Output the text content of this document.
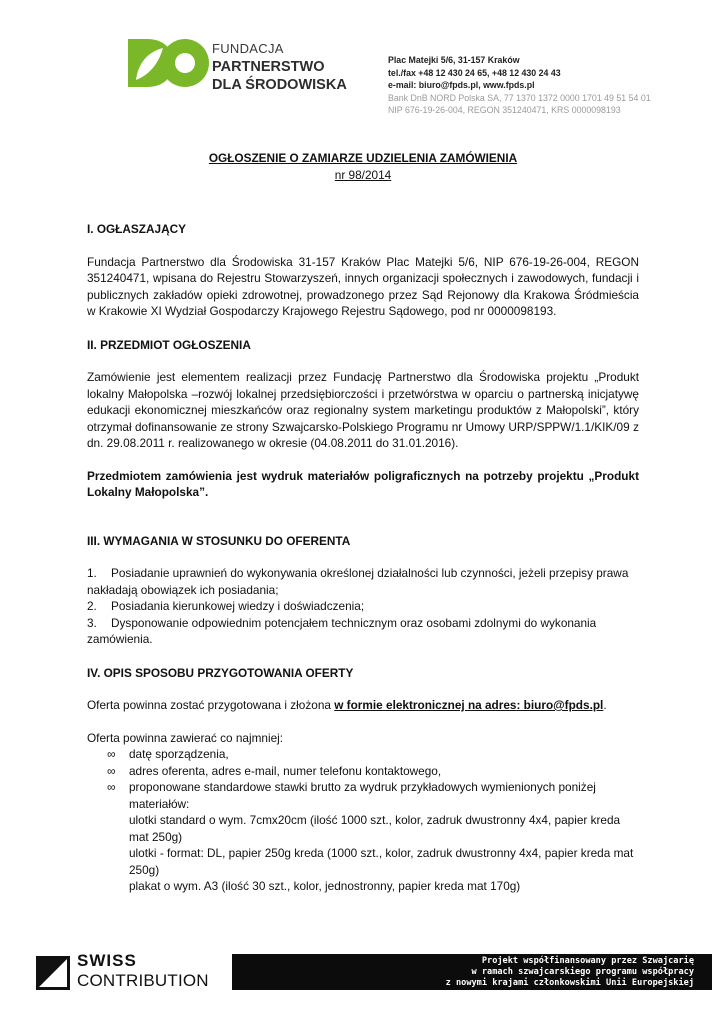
FUNDACJA
PARTNERSTWO
DLA ŚRODOWISKA
Plac Matejki 5/6, 31-157 Kraków
tel./fax +48 12 430 24 65, +48 12 430 24 43
e-mail: biuro@fpds.pl, www.fpds.pl
Bank DnB NORD Polska SA, 77 1370 1372 0000 1701 49 51 54 01
NIP 676-19-26-004, REGON 351240471, KRS 0000098193
OGŁOSZENIE O ZAMIARZE UDZIELENIA ZAMÓWIENIA
nr 98/2014
I. OGŁASZAJĄCY
Fundacja Partnerstwo dla Środowiska 31-157 Kraków Plac Matejki 5/6, NIP 676-19-26-004, REGON 351240471, wpisana do Rejestru Stowarzyszeń, innych organizacji społecznych i zawodowych, fundacji i publicznych zakładów opieki zdrowotnej, prowadzonego przez Sąd Rejonowy dla Krakowa Śródmieścia w Krakowie XI Wydział Gospodarczy Krajowego Rejestru Sądowego, pod nr 0000098193.
II. PRZEDMIOT OGŁOSZENIA
Zamówienie jest elementem realizacji przez Fundację Partnerstwo dla Środowiska projektu „Produkt lokalny Małopolska –rozwój lokalnej przedsiębiorczości i przetwórstwa w oparciu o partnerską inicjatywę edukacji ekonomicznej mieszkańców oraz regionalny system marketingu produktów z Małopolski”, który otrzymał dofinansowanie ze strony Szwajcarsko-Polskiego Programu nr Umowy URP/SPPW/1.1/KIK/09 z dn. 29.08.2011 r. realizowanego w okresie (04.08.2011 do 31.01.2016).
Przedmiotem zamówienia jest wydruk materiałów poligraficznych na potrzeby projektu „Produkt Lokalny Małopolska”.
III. WYMAGANIA W STOSUNKU DO OFERENTA
1. Posiadanie uprawnień do wykonywania określonej działalności lub czynności, jeżeli przepisy prawa nakładają obowiązek ich posiadania;
2. Posiadania kierunkowej wiedzy i doświadczenia;
3. Dysponowanie odpowiednim potencjałem technicznym oraz osobami zdolnymi do wykonania zamówienia.
IV. OPIS SPOSOBU PRZYGOTOWANIA OFERTY
Oferta powinna zostać przygotowana i złożona w formie elektronicznej na adres: biuro@fpds.pl.
Oferta powinna zawierać co najmniej:
∞ datę sporządzenia,
∞ adres oferenta, adres e-mail, numer telefonu kontaktowego,
∞ proponowane standardowe stawki brutto za wydruk przykładowych wymienionych poniżej materiałów:
ulotki standard o wym. 7cmx20cm (ilość 1000 szt., kolor, zadruk dwustronny 4x4, papier kreda mat 250g)
ulotki - format: DL, papier 250g kreda (1000 szt., kolor, zadruk dwustronny 4x4, papier kreda mat 250g)
plakat o wym. A3 (ilość 30 szt., kolor, jednostronny, papier kreda mat 170g)
SWISS
CONTRIBUTION
Projekt współfinansowany przez Szwajcarię
w ramach szwajcarskiego programu współpracy
z nowymi krajami członkowskimi Unii Europejskiej
